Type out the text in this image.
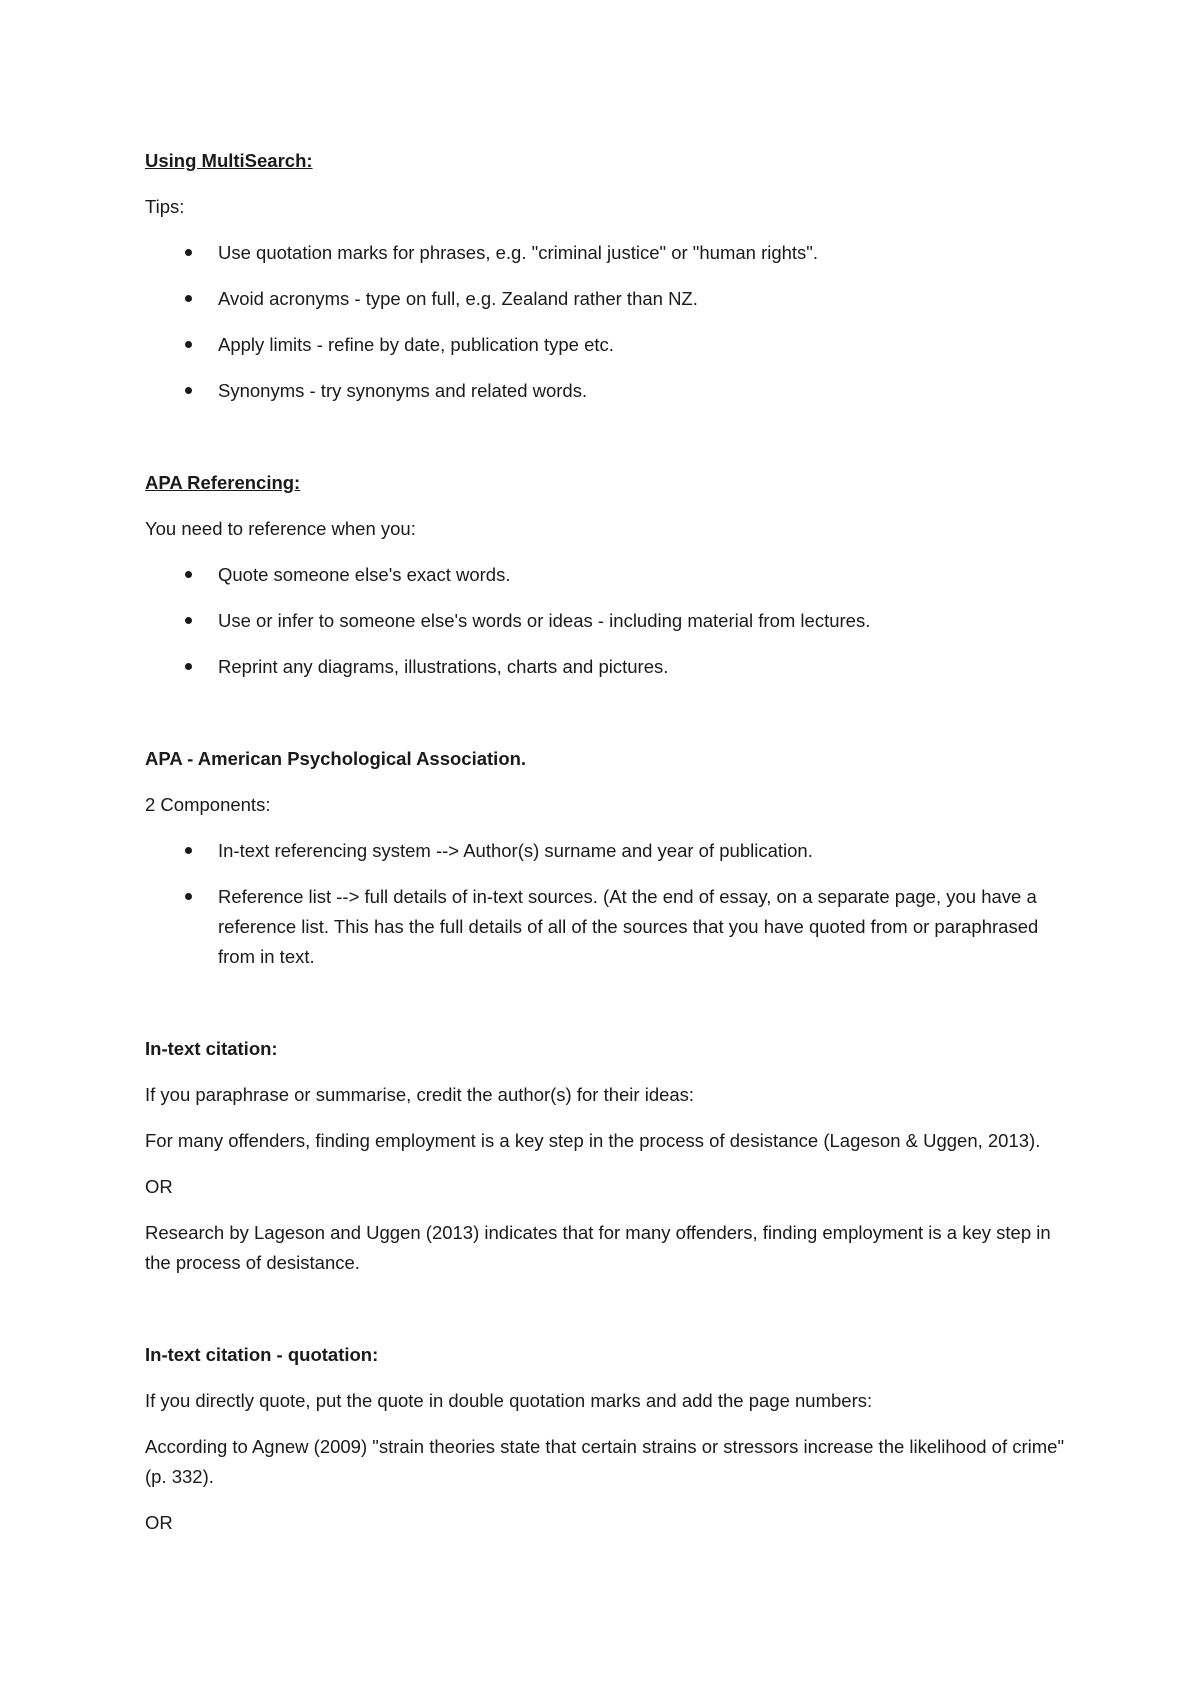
Using MultiSearch:

Tips:

Use quotation marks for phrases, e.g. "criminal justice" or "human rights".
Avoid acronyms - type on full, e.g. Zealand rather than NZ.
Apply limits - refine by date, publication type etc.
Synonyms - try synonyms and related words.

APA Referencing:

You need to reference when you:

Quote someone else's exact words.
Use or infer to someone else's words or ideas - including material from lectures.
Reprint any diagrams, illustrations, charts and pictures.

APA - American Psychological Association.

2 Components:

In-text referencing system --> Author(s) surname and year of publication.
Reference list --> full details of in-text sources. (At the end of essay, on a separate page, you have a reference list. This has the full details of all of the sources that you have quoted from or paraphrased from in text.

In-text citation:

If you paraphrase or summarise, credit the author(s) for their ideas:

For many offenders, finding employment is a key step in the process of desistance (Lageson & Uggen, 2013).

OR

Research by Lageson and Uggen (2013) indicates that for many offenders, finding employment is a key step in the process of desistance.

In-text citation - quotation:

If you directly quote, put the quote in double quotation marks and add the page numbers:

According to Agnew (2009) "strain theories state that certain strains or stressors increase the likelihood of crime" (p. 332).

OR
